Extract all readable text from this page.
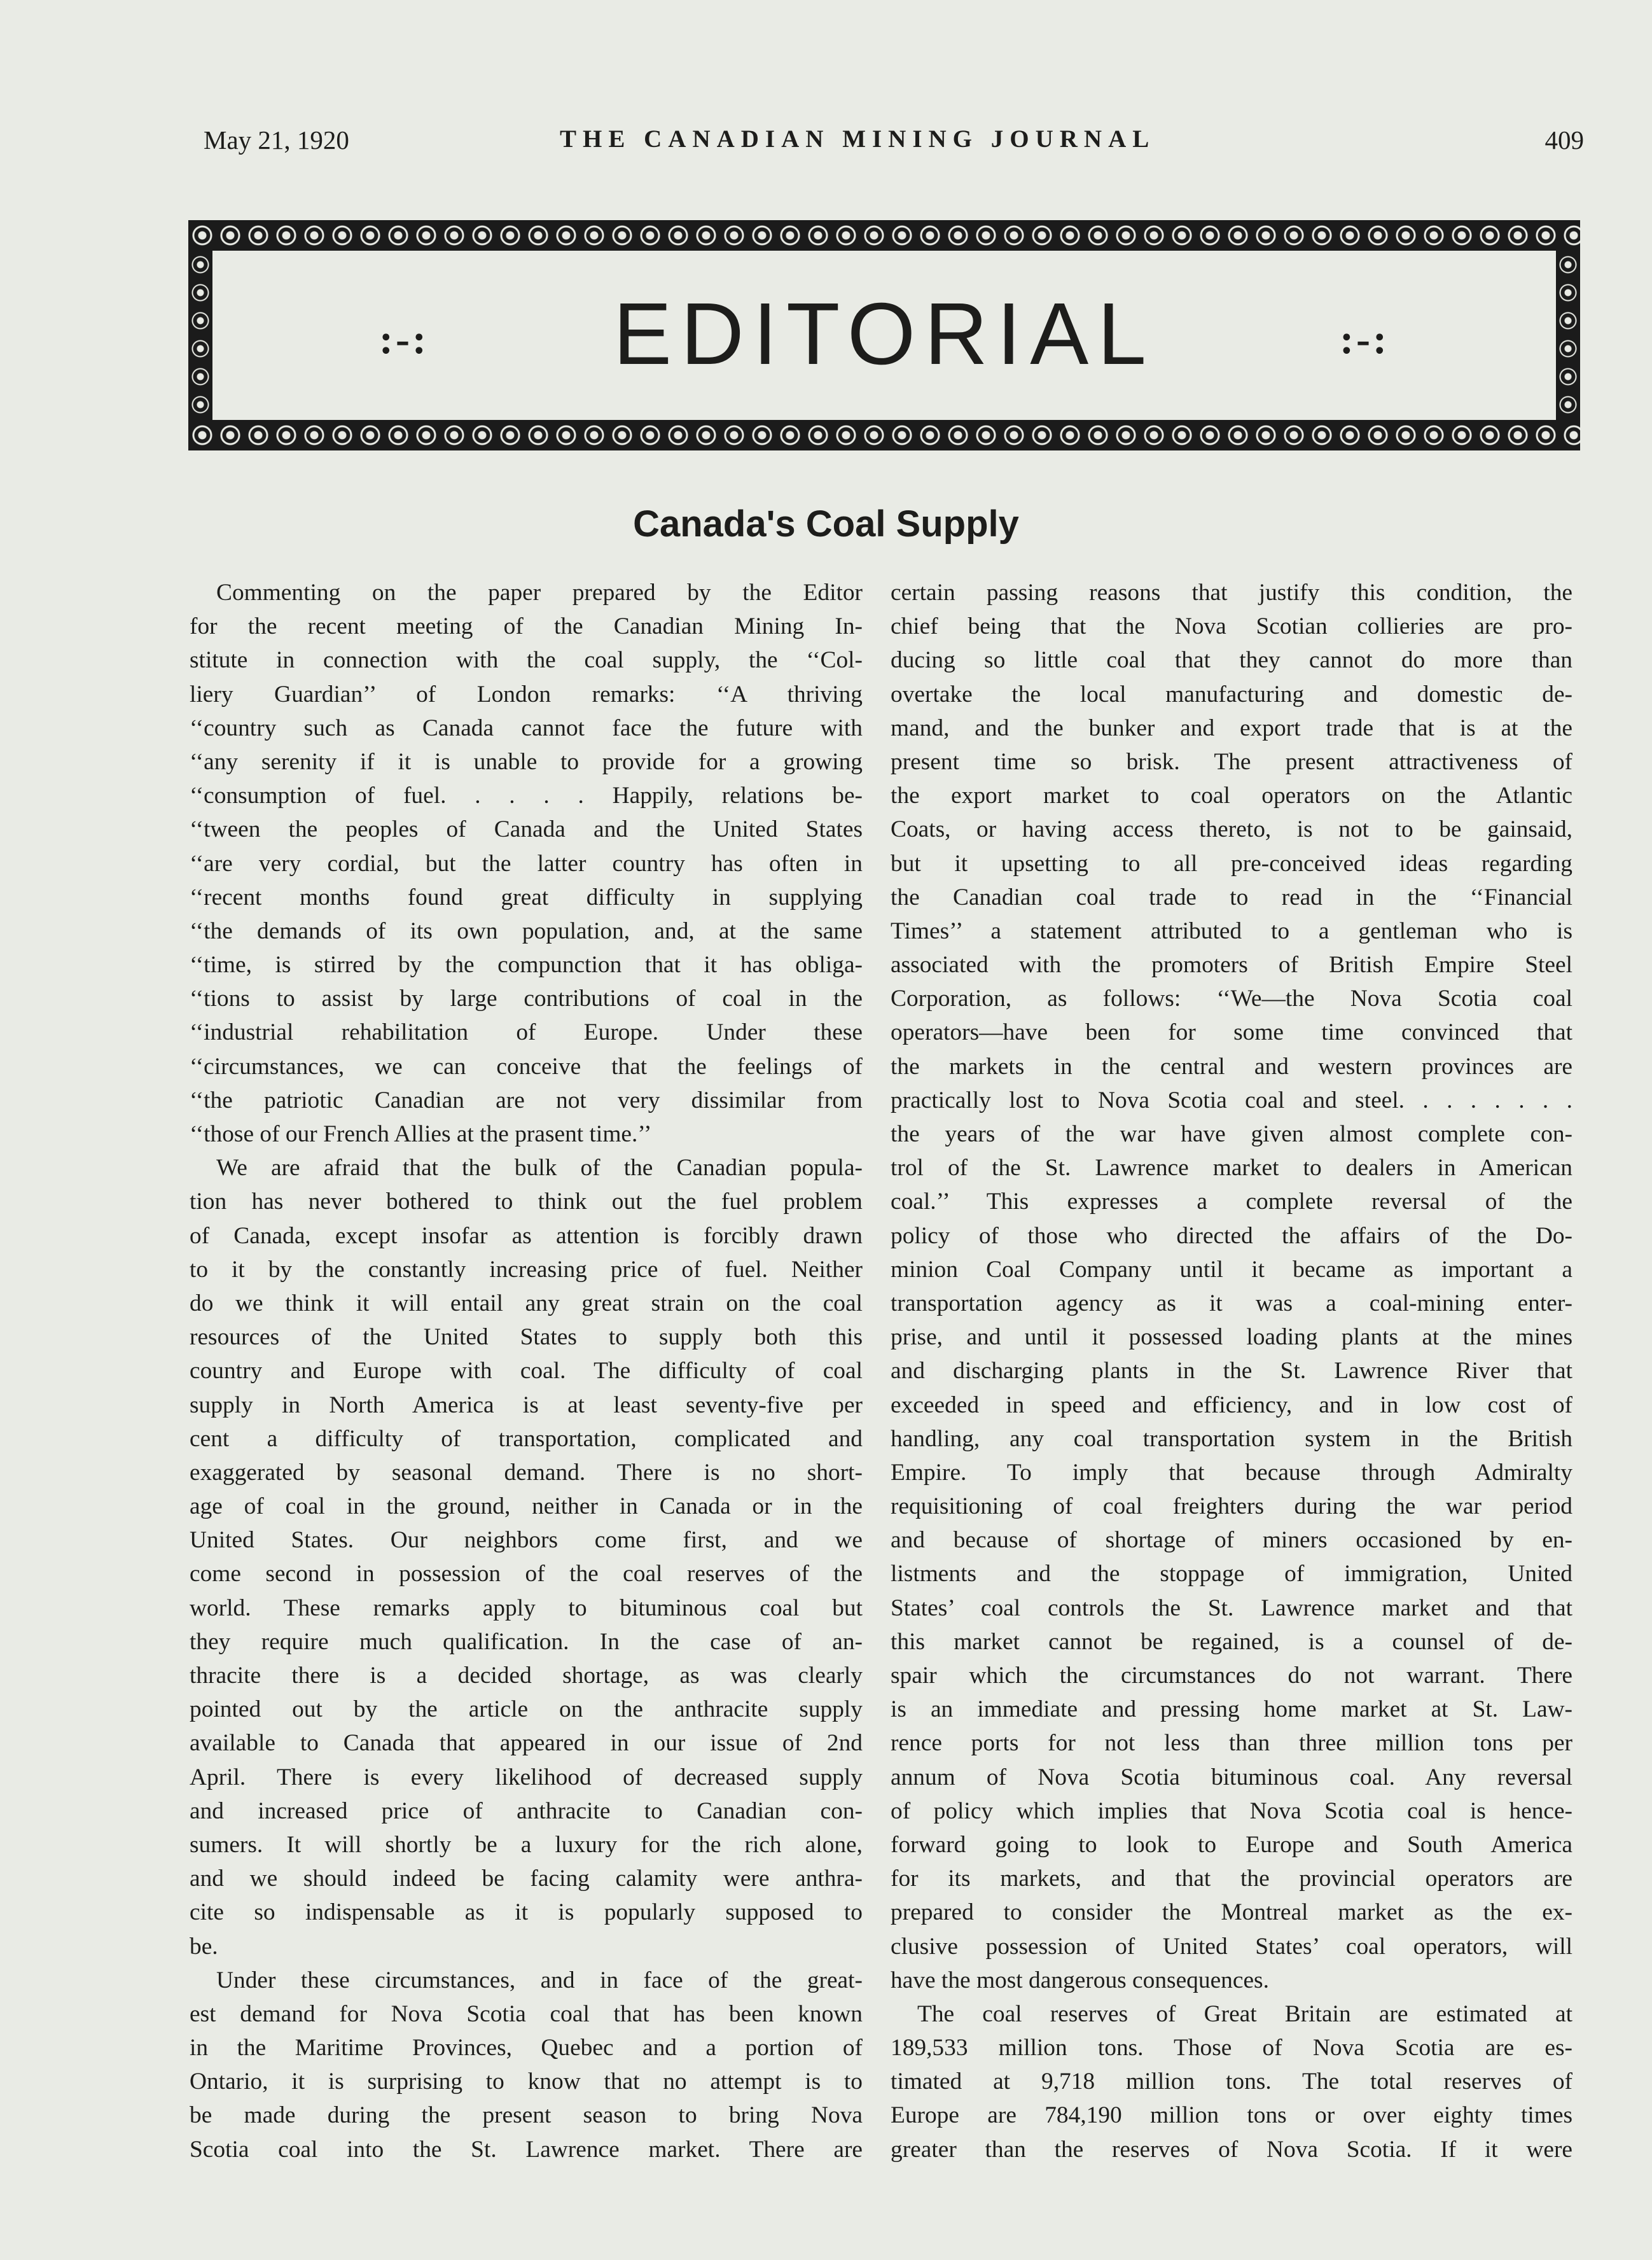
May 21, 1920	THE CANADIAN MINING JOURNAL	409
:-:	EDITORIAL	:-:
Canada's Coal Supply
Commenting on the paper prepared by the Editor
for the recent meeting of the Canadian Mining In-
stitute in connection with the coal supply, the ‘‘Col-
liery Guardian’’ of London remarks: ‘‘A thriving
‘‘country such as Canada cannot face the future with
‘‘any serenity if it is unable to provide for a growing
‘‘consumption of fuel. . . . . Happily, relations be-
‘‘tween the peoples of Canada and the United States
‘‘are very cordial, but the latter country has often in
‘‘recent months found great difficulty in supplying
‘‘the demands of its own population, and, at the same
‘‘time, is stirred by the compunction that it has obliga-
‘‘tions to assist by large contributions of coal in the
‘‘industrial rehabilitation of Europe. Under these
‘‘circumstances, we can conceive that the feelings of
‘‘the patriotic Canadian are not very dissimilar from
‘‘those of our French Allies at the prasent time.’’
We are afraid that the bulk of the Canadian popula-
tion has never bothered to think out the fuel problem
of Canada, except insofar as attention is forcibly drawn
to it by the constantly increasing price of fuel. Neither
do we think it will entail any great strain on the coal
resources of the United States to supply both this
country and Europe with coal. The difficulty of coal
supply in North America is at least seventy-five per
cent a difficulty of transportation, complicated and
exaggerated by seasonal demand. There is no short-
age of coal in the ground, neither in Canada or in the
United States. Our neighbors come first, and we
come second in possession of the coal reserves of the
world. These remarks apply to bituminous coal but
they require much qualification. In the case of an-
thracite there is a decided shortage, as was clearly
pointed out by the article on the anthracite supply
available to Canada that appeared in our issue of 2nd
April. There is every likelihood of decreased supply
and increased price of anthracite to Canadian con-
sumers. It will shortly be a luxury for the rich alone,
and we should indeed be facing calamity were anthra-
cite so indispensable as it is popularly supposed to
be.
Under these circumstances, and in face of the great-
est demand for Nova Scotia coal that has been known
in the Maritime Provinces, Quebec and a portion of
Ontario, it is surprising to know that no attempt is to
be made during the present season to bring Nova
Scotia coal into the St. Lawrence market. There are
certain passing reasons that justify this condition, the
chief being that the Nova Scotian collieries are pro-
ducing so little coal that they cannot do more than
overtake the local manufacturing and domestic de-
mand, and the bunker and export trade that is at the
present time so brisk. The present attractiveness of
the export market to coal operators on the Atlantic
Coats, or having access thereto, is not to be gainsaid,
but it upsetting to all pre-conceived ideas regarding
the Canadian coal trade to read in the ‘‘Financial
Times’’ a statement attributed to a gentleman who is
associated with the promoters of British Empire Steel
Corporation, as follows: ‘‘We—the Nova Scotia coal
operators—have been for some time convinced that
the markets in the central and western provinces are
practically lost to Nova Scotia coal and steel. . . . . . . .
the years of the war have given almost complete con-
trol of the St. Lawrence market to dealers in American
coal.’’ This expresses a complete reversal of the
policy of those who directed the affairs of the Do-
minion Coal Company until it became as important a
transportation agency as it was a coal-mining enter-
prise, and until it possessed loading plants at the mines
and discharging plants in the St. Lawrence River that
exceeded in speed and efficiency, and in low cost of
handling, any coal transportation system in the British
Empire. To imply that because through Admiralty
requisitioning of coal freighters during the war period
and because of shortage of miners occasioned by en-
listments and the stoppage of immigration, United
States’ coal controls the St. Lawrence market and that
this market cannot be regained, is a counsel of de-
spair which the circumstances do not warrant. There
is an immediate and pressing home market at St. Law-
rence ports for not less than three million tons per
annum of Nova Scotia bituminous coal. Any reversal
of policy which implies that Nova Scotia coal is hence-
forward going to look to Europe and South America
for its markets, and that the provincial operators are
prepared to consider the Montreal market as the ex-
clusive possession of United States’ coal operators, will
have the most dangerous consequences.
The coal reserves of Great Britain are estimated at
189,533 million tons. Those of Nova Scotia are es-
timated at 9,718 million tons. The total reserves of
Europe are 784,190 million tons or over eighty times
greater than the reserves of Nova Scotia. If it were
